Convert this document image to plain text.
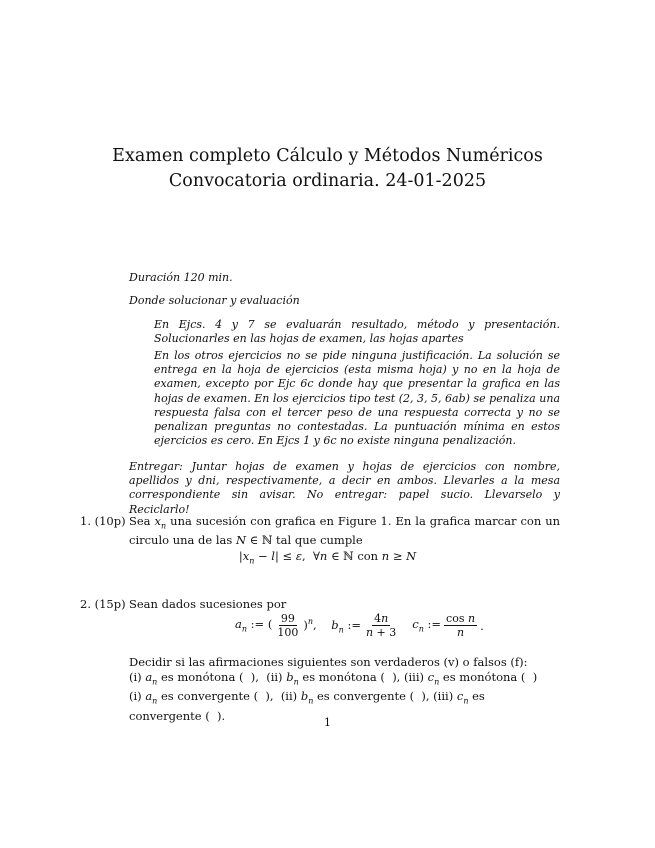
Examen completo Cálculo y Métodos Numéricos
Convocatoria ordinaria. 24-01-2025
Duración 120 min.
Donde solucionar y evaluación
En Ejcs. 4 y 7 se evaluarán resultado, método y presentación. Solucionarles en las hojas de examen, las hojas apartes
En los otros ejercicios no se pide ninguna justificación. La solución se entrega en la hoja de ejercicios (esta misma hoja) y no en la hoja de examen, excepto por Ejc 6c donde hay que presentar la grafica en las hojas de examen. En los ejercicios tipo test (2, 3, 5, 6ab) se penaliza una respuesta falsa con el tercer peso de una respuesta correcta y no se penalizan preguntas no contestadas. La puntuación mínima en estos ejercicios es cero. En Ejcs 1 y 6c no existe ninguna penalización.
Entregar: Juntar hojas de examen y hojas de ejercicios con nombre, apellidos y dni, respectivamente, a decir en ambos. Llevarles a la mesa correspondiente sin avisar. No entregar: papel sucio. Llevarselo y Reciclarlo!
1. (10p) Sea $x_n$ una sucesión con grafica en Figure 1. En la grafica marcar con un circulo una de las N ∈ ℕ tal que cumple
$|x_n - l| \le \varepsilon$,  ∀n ∈ ℕ con n ≥ N
2. (15p) Sean dados sucesiones por
$a_n$ := ( $\frac{99}{100} )^n$,    $b_n$ := $\frac{4n}{n + 3}$	$c_n$ := $\frac{\text{cos n}}{n}$ .
Decidir si las afirmaciones siguientes son verdaderos (v) o falsos (f):
(i) $a_n$ es monótona (  ),  (ii) $b_n$ es monótona (  ), (iii) $c_n$ es monótona (  )
(i) $a_n$ es convergente (  ),  (ii) $b_n$ es convergente (  ), (iii) $c_n$ es convergente (  ).	1
